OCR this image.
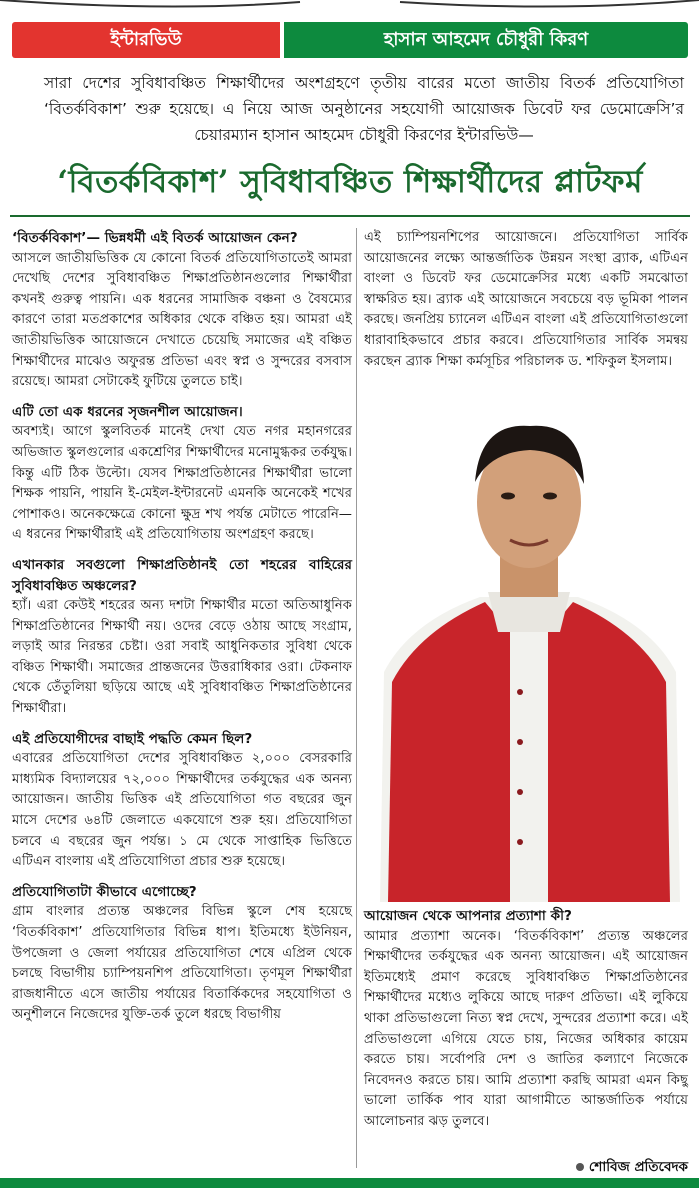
ইন্টারভিউ	হাসান আহমেদ চৌধুরী কিরণ
সারা দেশের সুবিধাবঞ্চিত শিক্ষার্থীদের অংশগ্রহণে তৃতীয় বারের মতো জাতীয় বিতর্ক প্রতিযোগিতা ‘বিতর্কবিকাশ’ শুরু হয়েছে। এ নিয়ে আজ অনুষ্ঠানের সহযোগী আয়োজক ডিবেট ফর ডেমোক্রেসি’র চেয়ারম্যান হাসান আহমেদ চৌধুরী কিরণের ইন্টারভিউ—
‘বিতর্কবিকাশ’ সুবিধাবঞ্চিত শিক্ষার্থীদের প্লাটফর্ম

‘বিতর্কবিকাশ’— ভিন্নধর্মী এই বিতর্ক আয়োজন কেন?

আসলে জাতীয়ভিত্তিক যে কোনো বিতর্ক প্রতিযোগিতাতেই আমরা দেখেছি দেশের সুবিধাবঞ্চিত শিক্ষাপ্রতিষ্ঠানগুলোর শিক্ষার্থীরা কখনই গুরুত্ব পায়নি। এক ধরনের সামাজিক বঞ্চনা ও বৈষম্যের কারণে তারা মতপ্রকাশের অধিকার থেকে বঞ্চিত হয়। আমরা এই জাতীয়ভিত্তিক আয়োজনে দেখাতে চেয়েছি সমাজের এই বঞ্চিত শিক্ষার্থীদের মাঝেও অফুরন্ত প্রতিভা এবং স্বপ্ন ও সুন্দরের বসবাস রয়েছে। আমরা সেটাকেই ফুটিয়ে তুলতে চাই।

এটি তো এক ধরনের সৃজনশীল আয়োজন।

অবশ্যই। আগে স্কুলবিতর্ক মানেই দেখা যেত নগর মহানগরের অভিজাত স্কুলগুলোর একশ্রেণির শিক্ষার্থীদের মনোমুগ্ধকর তর্কযুদ্ধ। কিন্তু এটি ঠিক উল্টো। যেসব শিক্ষাপ্রতিষ্ঠানের শিক্ষার্থীরা ভালো শিক্ষক পায়নি, পায়নি ই-মেইল-ইন্টারনেট এমনকি অনেকেই শখের পোশাকও। অনেকক্ষেত্রে কোনো ক্ষুদ্র শখ পর্যন্ত মেটাতে পারেনি— এ ধরনের শিক্ষার্থীরাই এই প্রতিযোগিতায় অংশগ্রহণ করছে।

এখানকার সবগুলো শিক্ষাপ্রতিষ্ঠানই তো শহরের বাহিরের সুবিধাবঞ্চিত অঞ্চলের?

হ্যাঁ। এরা কেউই শহরের অন্য দশটা শিক্ষার্থীর মতো অতিআধুনিক শিক্ষাপ্রতিষ্ঠানের শিক্ষার্থী নয়। ওদের বেড়ে ওঠায় আছে সংগ্রাম, লড়াই আর নিরন্তর চেষ্টা। ওরা সবাই আধুনিকতার সুবিধা থেকে বঞ্চিত শিক্ষার্থী। সমাজের প্রান্তজনের উত্তরাধিকার ওরা। টেকনাফ থেকে তেঁতুলিয়া ছড়িয়ে আছে এই সুবিধাবঞ্চিত শিক্ষাপ্রতিষ্ঠানের শিক্ষার্থীরা।

এই প্রতিযোগীদের বাছাই পদ্ধতি কেমন ছিল?

এবারের প্রতিযোগিতা দেশের সুবিধাবঞ্চিত ২,০০০ বেসরকারি মাধ্যমিক বিদ্যালয়ের ৭২,০০০ শিক্ষার্থীদের তর্কযুদ্ধের এক অনন্য আয়োজন। জাতীয় ভিত্তিক এই প্রতিযোগিতা গত বছরের জুন মাসে দেশের ৬৪টি জেলাতে একযোগে শুরু হয়। প্রতিযোগিতা চলবে এ বছরের জুন পর্যন্ত। ১ মে থেকে সাপ্তাহিক ভিত্তিতে এটিএন বাংলায় এই প্রতিযোগিতা প্রচার শুরু হয়েছে।

প্রতিযোগিতাটা কীভাবে এগোচ্ছে?

গ্রাম বাংলার প্রত্যন্ত অঞ্চলের বিভিন্ন স্কুলে শেষ হয়েছে ‘বিতর্কবিকাশ’ প্রতিযোগিতার বিভিন্ন ধাপ। ইতিমধ্যে ইউনিয়ন, উপজেলা ও জেলা পর্যায়ের প্রতিযোগিতা শেষে এপ্রিল থেকে চলছে বিভাগীয় চ্যাম্পিয়নশিপ প্রতিযোগিতা। তৃণমূল শিক্ষার্থীরা রাজধানীতে এসে জাতীয় পর্যায়ের বিতার্কিকদের সহযোগিতা ও অনুশীলনে নিজেদের যুক্তি-তর্ক তুলে ধরছে বিভাগীয়

এই চ্যাম্পিয়নশিপের আয়োজনে। প্রতিযোগিতা সার্বিক আয়োজনের লক্ষ্যে আন্তর্জাতিক উন্নয়ন সংস্থা ব্র্যাক, এটিএন বাংলা ও ডিবেট ফর ডেমোক্রেসির মধ্যে একটি সমঝোতা স্বাক্ষরিত হয়। ব্র্যাক এই আয়োজনে সবচেয়ে বড় ভূমিকা পালন করছে। জনপ্রিয় চ্যানেল এটিএন বাংলা এই প্রতিযোগিতাগুলো ধারাবাহিকভাবে প্রচার করবে। প্রতিযোগিতার সার্বিক সমন্বয় করছেন ব্র্যাক শিক্ষা কর্মসূচির পরিচালক ড. শফিকুল ইসলাম।

আয়োজন থেকে আপনার প্রত্যাশা কী?

আমার প্রত্যাশা অনেক। ‘বিতর্কবিকাশ’ প্রত্যন্ত অঞ্চলের শিক্ষার্থীদের তর্কযুদ্ধের এক অনন্য আয়োজন। এই আয়োজন ইতিমধ্যেই প্রমাণ করেছে সুবিধাবঞ্চিত শিক্ষাপ্রতিষ্ঠানের শিক্ষার্থীদের মধ্যেও লুকিয়ে আছে দারুণ প্রতিভা। এই লুকিয়ে থাকা প্রতিভাগুলো নিত্য স্বপ্ন দেখে, সুন্দরের প্রত্যাশা করে। এই প্রতিভাগুলো এগিয়ে যেতে চায়, নিজের অধিকার কায়েম করতে চায়। সর্বোপরি দেশ ও জাতির কল্যাণে নিজেকে নিবেদনও করতে চায়। আমি প্রত্যাশা করছি আমরা এমন কিছু ভালো তার্কিক পাব যারা আগামীতে আন্তর্জাতিক পর্যায়ে আলোচনার ঝড় তুলবে।

শোবিজ প্রতিবেদক
